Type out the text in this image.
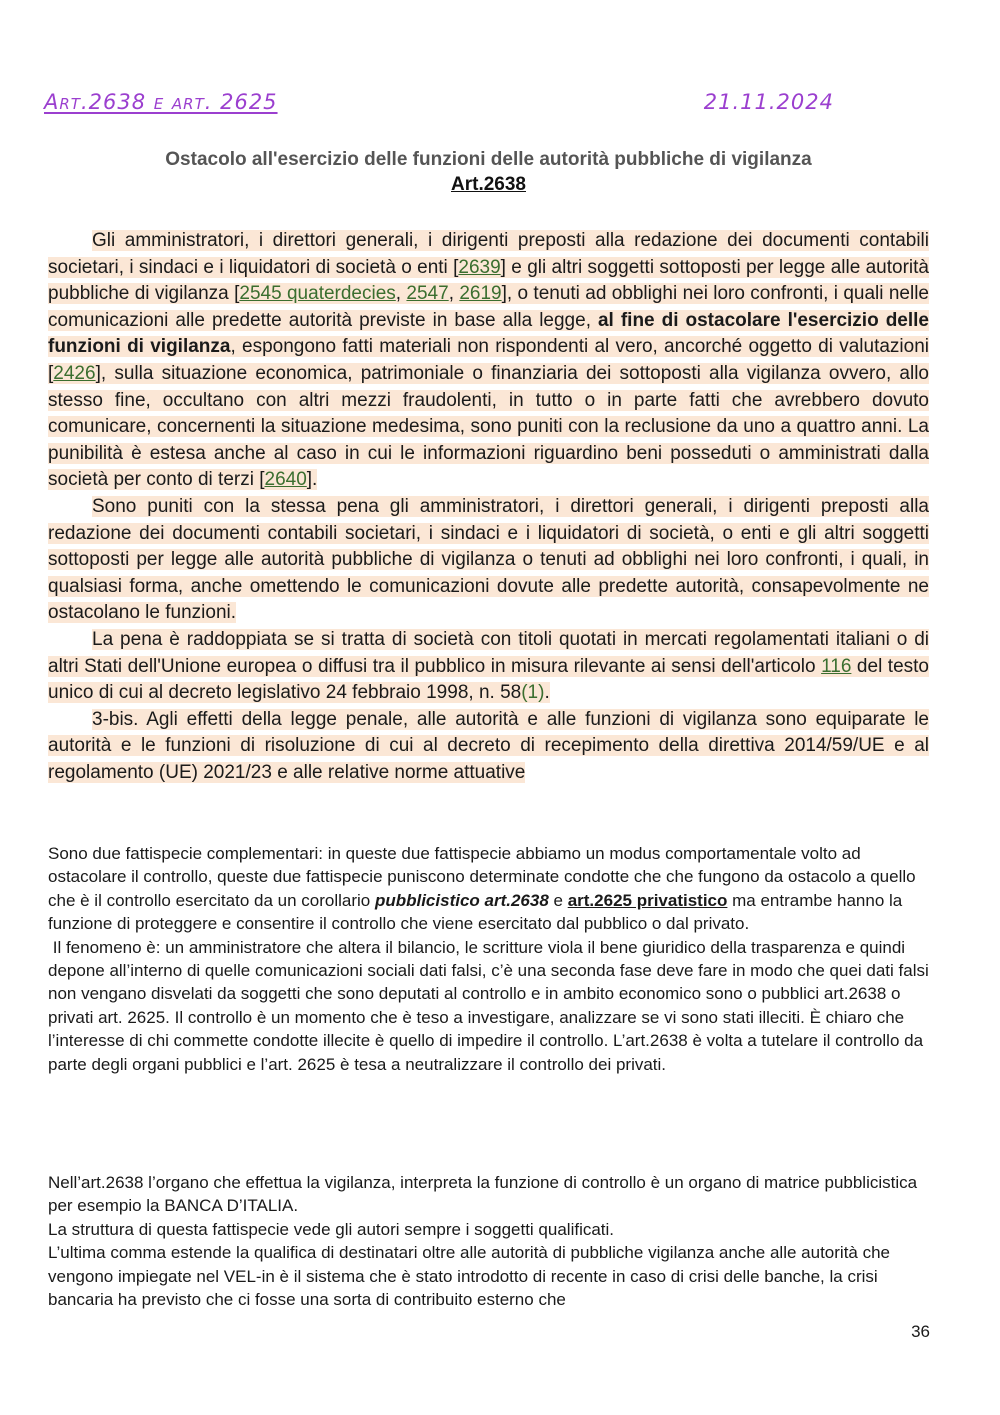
Art.2638 e art. 2625	21.11.2024
Ostacolo all'esercizio delle funzioni delle autorità pubbliche di vigilanza
Art.2638

Gli amministratori, i direttori generali, i dirigenti preposti alla redazione dei documenti contabili societari, i sindaci e i liquidatori di società o enti [2639] e gli altri soggetti sottoposti per legge alle autorità pubbliche di vigilanza [2545 quaterdecies, 2547, 2619], o tenuti ad obblighi nei loro confronti, i quali nelle comunicazioni alle predette autorità previste in base alla legge, al fine di ostacolare l'esercizio delle funzioni di vigilanza, espongono fatti materiali non rispondenti al vero, ancorché oggetto di valutazioni [2426], sulla situazione economica, patrimoniale o finanziaria dei sottoposti alla vigilanza ovvero, allo stesso fine, occultano con altri mezzi fraudolenti, in tutto o in parte fatti che avrebbero dovuto comunicare, concernenti la situazione medesima, sono puniti con la reclusione da uno a quattro anni. La punibilità è estesa anche al caso in cui le informazioni riguardino beni posseduti o amministrati dalla società per conto di terzi [2640].

Sono puniti con la stessa pena gli amministratori, i direttori generali, i dirigenti preposti alla redazione dei documenti contabili societari, i sindaci e i liquidatori di società, o enti e gli altri soggetti sottoposti per legge alle autorità pubbliche di vigilanza o tenuti ad obblighi nei loro confronti, i quali, in qualsiasi forma, anche omettendo le comunicazioni dovute alle predette autorità, consapevolmente ne ostacolano le funzioni.

La pena è raddoppiata se si tratta di società con titoli quotati in mercati regolamentati italiani o di altri Stati dell'Unione europea o diffusi tra il pubblico in misura rilevante ai sensi dell'articolo 116 del testo unico di cui al decreto legislativo 24 febbraio 1998, n. 58(1).

3-bis. Agli effetti della legge penale, alle autorità e alle funzioni di vigilanza sono equiparate le autorità e le funzioni di risoluzione di cui al decreto di recepimento della direttiva 2014/59/UE e al regolamento (UE) 2021/23 e alle relative norme attuative

Sono due fattispecie complementari: in queste due fattispecie abbiamo un modus comportamentale volto ad ostacolare il controllo, queste due fattispecie puniscono determinate condotte che che fungono da ostacolo a quello che è il controllo esercitato da un corollario pubblicistico art.2638 e art.2625 privatistico ma entrambe hanno la funzione di proteggere e consentire il controllo che viene esercitato dal pubblico o dal privato.

Il fenomeno è: un amministratore che altera il bilancio, le scritture viola il bene giuridico della trasparenza e quindi depone all’interno di quelle comunicazioni sociali dati falsi, c’è una seconda fase deve fare in modo che quei dati falsi non vengano disvelati da soggetti che sono deputati al controllo e in ambito economico sono o pubblici art.2638 o privati art. 2625. Il controllo è un momento che è teso a investigare, analizzare se vi sono stati illeciti. È chiaro che l’interesse di chi commette condotte illecite è quello di impedire il controllo. L’art.2638 è volta a tutelare il controllo da parte degli organi pubblici e l’art. 2625 è tesa a neutralizzare il controllo dei privati.

Nell’art.2638 l’organo che effettua la vigilanza, interpreta la funzione di controllo è un organo di matrice pubblicistica per esempio la BANCA D’ITALIA.

La struttura di questa fattispecie vede gli autori sempre i soggetti qualificati.

L’ultima comma estende la qualifica di destinatari oltre alle autorità di pubbliche vigilanza anche alle autorità che vengono impiegate nel VEL-in è il sistema che è stato introdotto di recente in caso di crisi delle banche, la crisi bancaria ha previsto che ci fosse una sorta di contribuito esterno che

36
